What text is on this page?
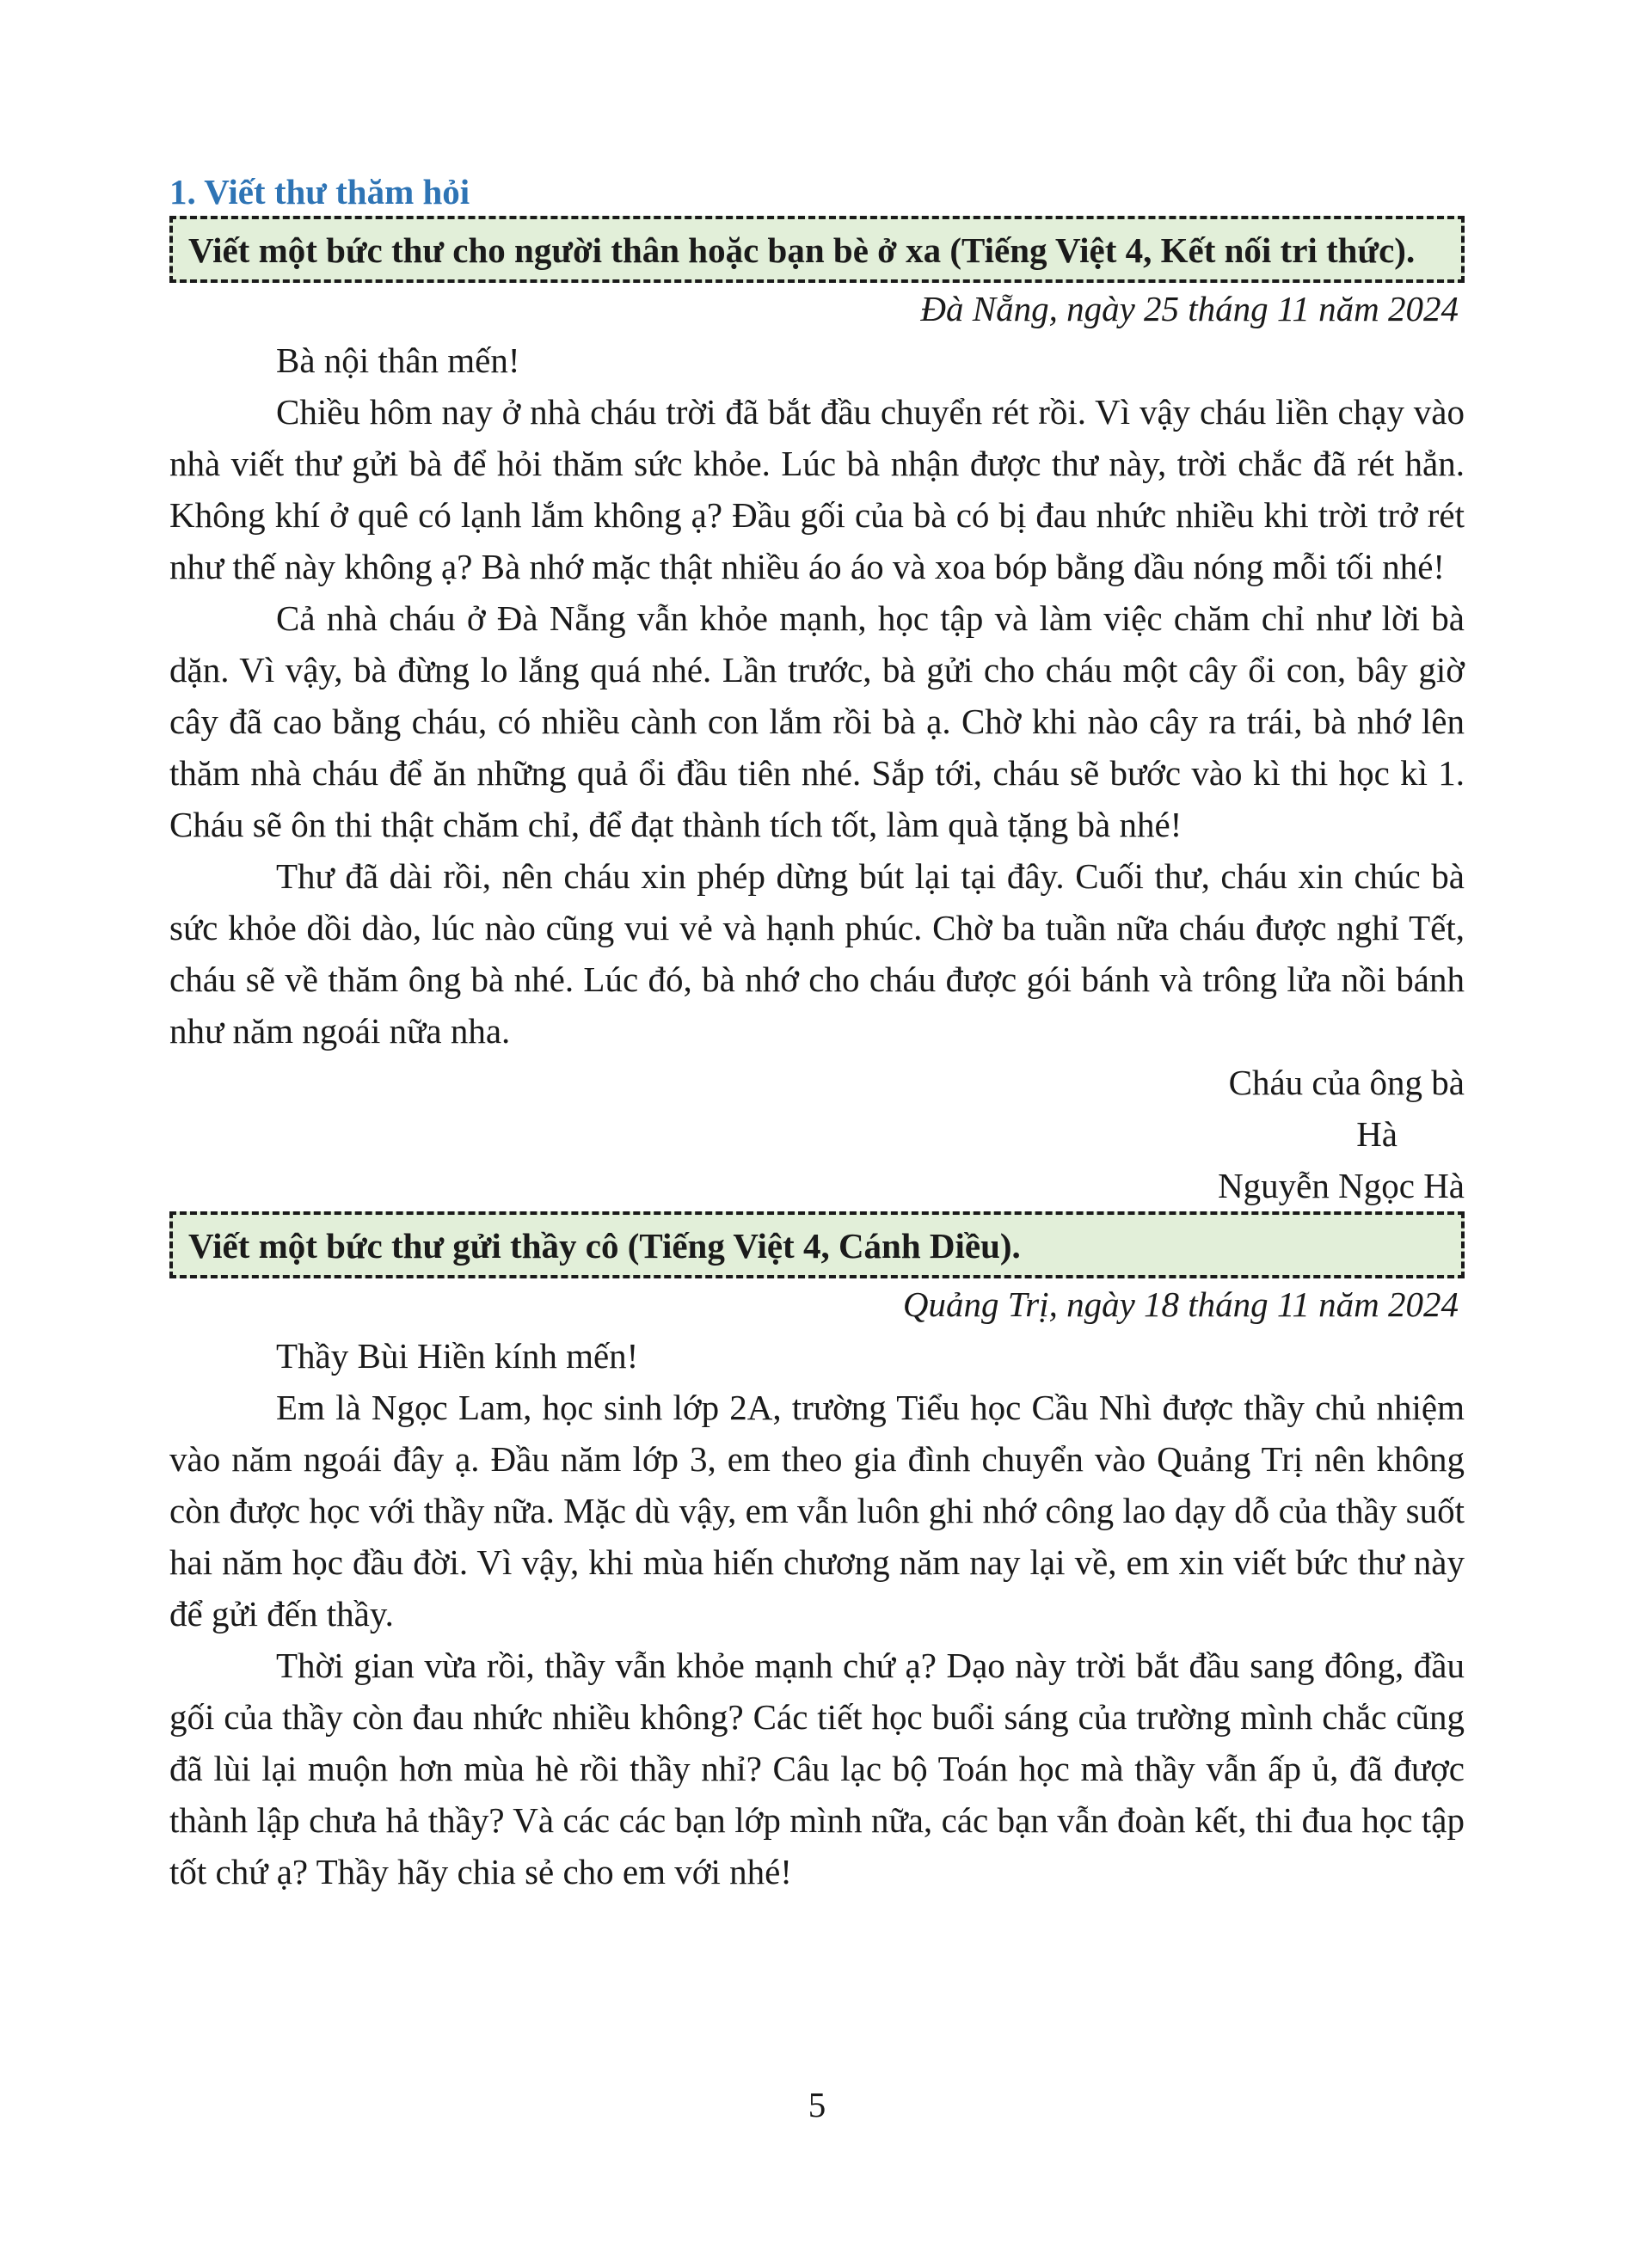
1. Viết thư thăm hỏi
Viết một bức thư cho người thân hoặc bạn bè ở xa (Tiếng Việt 4, Kết nối tri thức).
Đà Nẵng, ngày 25 tháng 11 năm 2024

Bà nội thân mến!

Chiều hôm nay ở nhà cháu trời đã bắt đầu chuyển rét rồi. Vì vậy cháu liền chạy vào nhà viết thư gửi bà để hỏi thăm sức khỏe. Lúc bà nhận được thư này, trời chắc đã rét hẳn. Không khí ở quê có lạnh lắm không ạ? Đầu gối của bà có bị đau nhức nhiều khi trời trở rét như thế này không ạ? Bà nhớ mặc thật nhiều áo áo và xoa bóp bằng dầu nóng mỗi tối nhé!

Cả nhà cháu ở Đà Nẵng vẫn khỏe mạnh, học tập và làm việc chăm chỉ như lời bà dặn. Vì vậy, bà đừng lo lắng quá nhé. Lần trước, bà gửi cho cháu một cây ổi con, bây giờ cây đã cao bằng cháu, có nhiều cành con lắm rồi bà ạ. Chờ khi nào cây ra trái, bà nhớ lên thăm nhà cháu để ăn những quả ổi đầu tiên nhé. Sắp tới, cháu sẽ bước vào kì thi học kì 1. Cháu sẽ ôn thi thật chăm chỉ, để đạt thành tích tốt, làm quà tặng bà nhé!

Thư đã dài rồi, nên cháu xin phép dừng bút lại tại đây. Cuối thư, cháu xin chúc bà sức khỏe dồi dào, lúc nào cũng vui vẻ và hạnh phúc. Chờ ba tuần nữa cháu được nghỉ Tết, cháu sẽ về thăm ông bà nhé. Lúc đó, bà nhớ cho cháu được gói bánh và trông lửa nồi bánh như năm ngoái nữa nha.

Cháu của ông bà
Hà
Nguyễn Ngọc Hà
Viết một bức thư gửi thầy cô (Tiếng Việt 4, Cánh Diều).
Quảng Trị, ngày 18 tháng 11 năm 2024

Thầy Bùi Hiền kính mến!

Em là Ngọc Lam, học sinh lớp 2A, trường Tiểu học Cầu Nhì được thầy chủ nhiệm vào năm ngoái đây ạ. Đầu năm lớp 3, em theo gia đình chuyển vào Quảng Trị nên không còn được học với thầy nữa. Mặc dù vậy, em vẫn luôn ghi nhớ công lao dạy dỗ của thầy suốt hai năm học đầu đời. Vì vậy, khi mùa hiến chương năm nay lại về, em xin viết bức thư này để gửi đến thầy.

Thời gian vừa rồi, thầy vẫn khỏe mạnh chứ ạ? Dạo này trời bắt đầu sang đông, đầu gối của thầy còn đau nhức nhiều không? Các tiết học buổi sáng của trường mình chắc cũng đã lùi lại muộn hơn mùa hè rồi thầy nhỉ? Câu lạc bộ Toán học mà thầy vẫn ấp ủ, đã được thành lập chưa hả thầy? Và các các bạn lớp mình nữa, các bạn vẫn đoàn kết, thi đua học tập tốt chứ ạ? Thầy hãy chia sẻ cho em với nhé!

5
